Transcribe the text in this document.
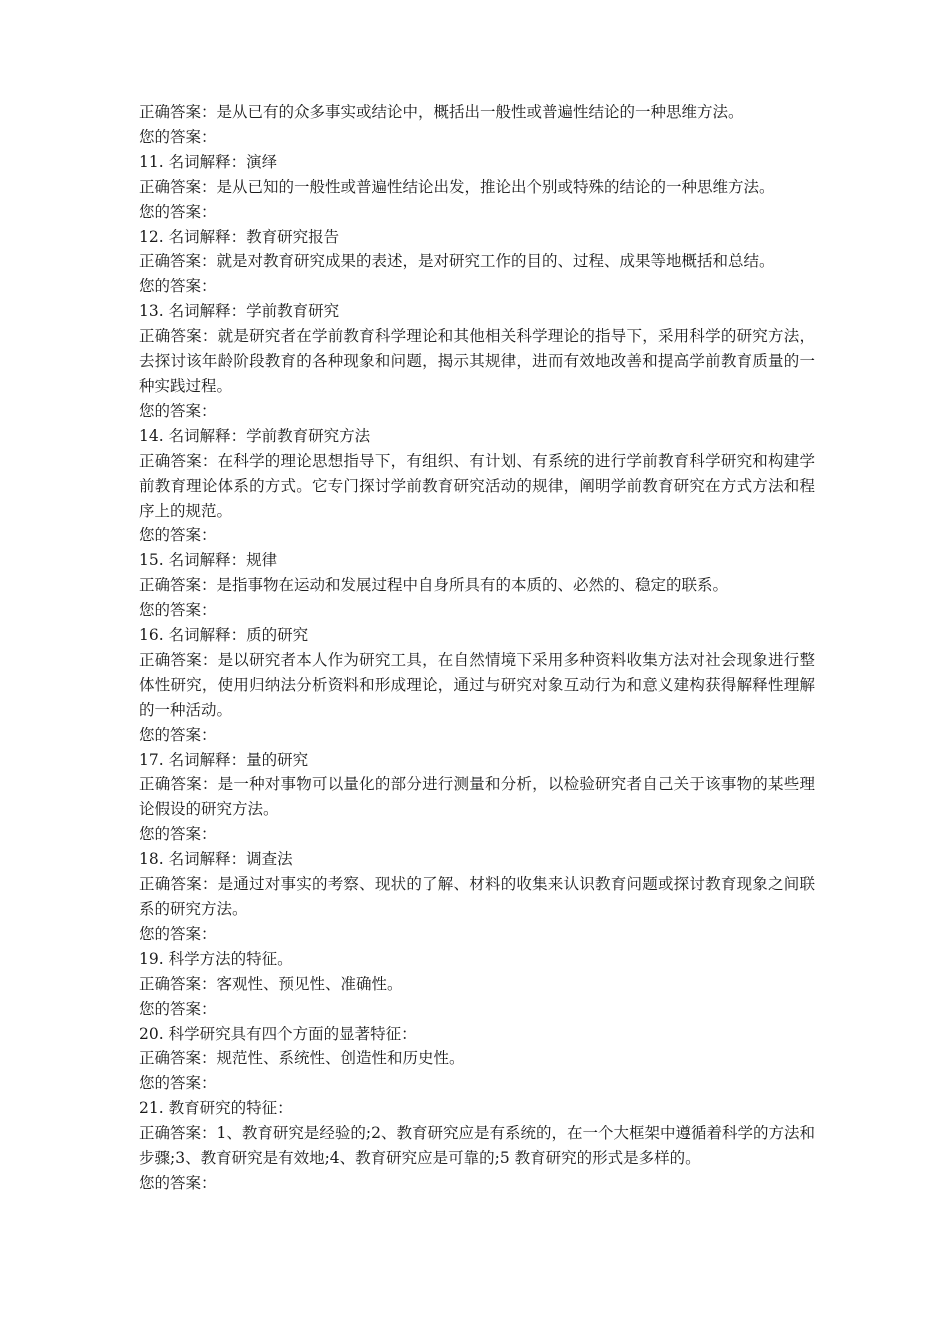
正确答案：是从已有的众多事实或结论中，概括出一般性或普遍性结论的一种思维方法。
您的答案：
11. 名词解释：演绎
正确答案：是从已知的一般性或普遍性结论出发，推论出个别或特殊的结论的一种思维方法。
您的答案：
12. 名词解释：教育研究报告
正确答案：就是对教育研究成果的表述，是对研究工作的目的、过程、成果等地概括和总结。
您的答案：
13. 名词解释：学前教育研究
正确答案：就是研究者在学前教育科学理论和其他相关科学理论的指导下，采用科学的研究方法，去探讨该年龄阶段教育的各种现象和问题，揭示其规律，进而有效地改善和提高学前教育质量的一种实践过程。
您的答案：
14. 名词解释：学前教育研究方法
正确答案：在科学的理论思想指导下，有组织、有计划、有系统的进行学前教育科学研究和构建学前教育理论体系的方式。它专门探讨学前教育研究活动的规律，阐明学前教育研究在方式方法和程序上的规范。
您的答案：
15. 名词解释：规律
正确答案：是指事物在运动和发展过程中自身所具有的本质的、必然的、稳定的联系。
您的答案：
16. 名词解释：质的研究
正确答案：是以研究者本人作为研究工具，在自然情境下采用多种资料收集方法对社会现象进行整体性研究，使用归纳法分析资料和形成理论，通过与研究对象互动行为和意义建构获得解释性理解的一种活动。
您的答案：
17. 名词解释：量的研究
正确答案：是一种对事物可以量化的部分进行测量和分析，以检验研究者自己关于该事物的某些理论假设的研究方法。
您的答案：
18. 名词解释：调查法
正确答案：是通过对事实的考察、现状的了解、材料的收集来认识教育问题或探讨教育现象之间联系的研究方法。
您的答案：
19. 科学方法的特征。
正确答案：客观性、预见性、准确性。
您的答案：
20. 科学研究具有四个方面的显著特征：
正确答案：规范性、系统性、创造性和历史性。
您的答案：
21. 教育研究的特征：
正确答案：1、教育研究是经验的;2、教育研究应是有系统的，在一个大框架中遵循着科学的方法和步骤;3、教育研究是有效地;4、教育研究应是可靠的;5 教育研究的形式是多样的。
您的答案：
